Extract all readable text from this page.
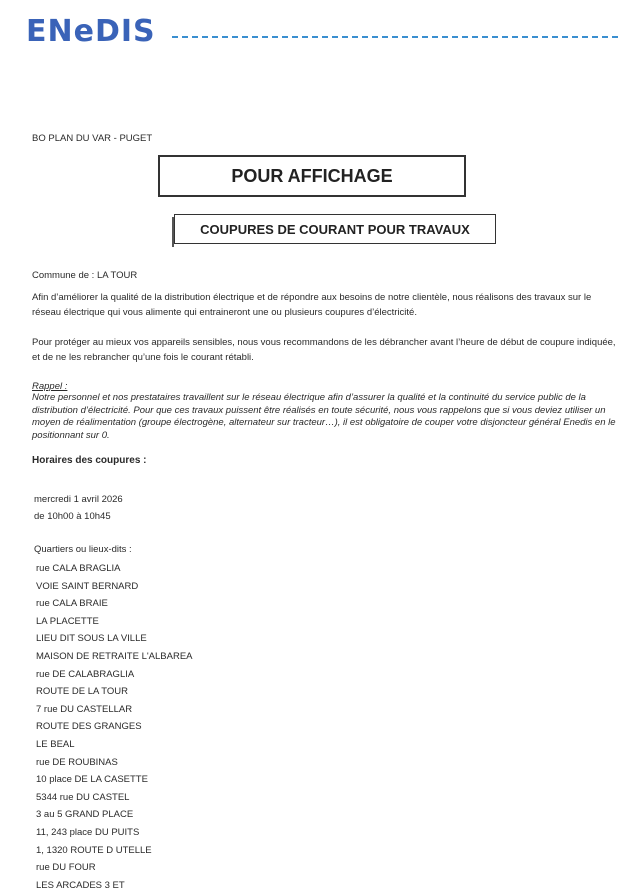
ENeDIS
BO PLAN DU VAR - PUGET
POUR AFFICHAGE
COUPURES DE COURANT POUR TRAVAUX
Commune de : LA TOUR
Afin d’améliorer la qualité de la distribution électrique et de répondre aux besoins de notre clientèle, nous réalisons des travaux sur le réseau électrique qui vous alimente qui entraineront une ou plusieurs coupures d’électricité.
Pour protéger au mieux vos appareils sensibles, nous vous recommandons de les débrancher avant l’heure de début de coupure indiquée, et de ne les rebrancher qu’une fois le courant rétabli.
Rappel :
Notre personnel et nos prestataires travaillent sur le réseau électrique afin d’assurer la qualité et la continuité du service public de la distribution d’électricité. Pour que ces travaux puissent être réalisés en toute sécurité, nous vous rappelons que si vous deviez utiliser un moyen de réalimentation (groupe électrogène, alternateur sur tracteur…), il est obligatoire de couper votre disjoncteur général Enedis en le positionnant sur 0.
Horaires des coupures :
mercredi 1 avril 2026
de 10h00 à 10h45
Quartiers ou lieux-dits :
rue CALA BRAGLIA
VOIE SAINT BERNARD
rue CALA BRAIE
LA PLACETTE
LIEU DIT SOUS LA VILLE
MAISON DE RETRAITE L'ALBAREA
rue DE CALABRAGLIA
ROUTE DE LA TOUR
7 rue DU CASTELLAR
ROUTE DES GRANGES
LE BEAL
rue DE ROUBINAS
10 place DE LA CASETTE
5344 rue DU CASTEL
3 au 5 GRAND PLACE
11, 243 place DU PUITS
1, 1320 ROUTE D UTELLE
rue DU FOUR
LES ARCADES 3 ET
